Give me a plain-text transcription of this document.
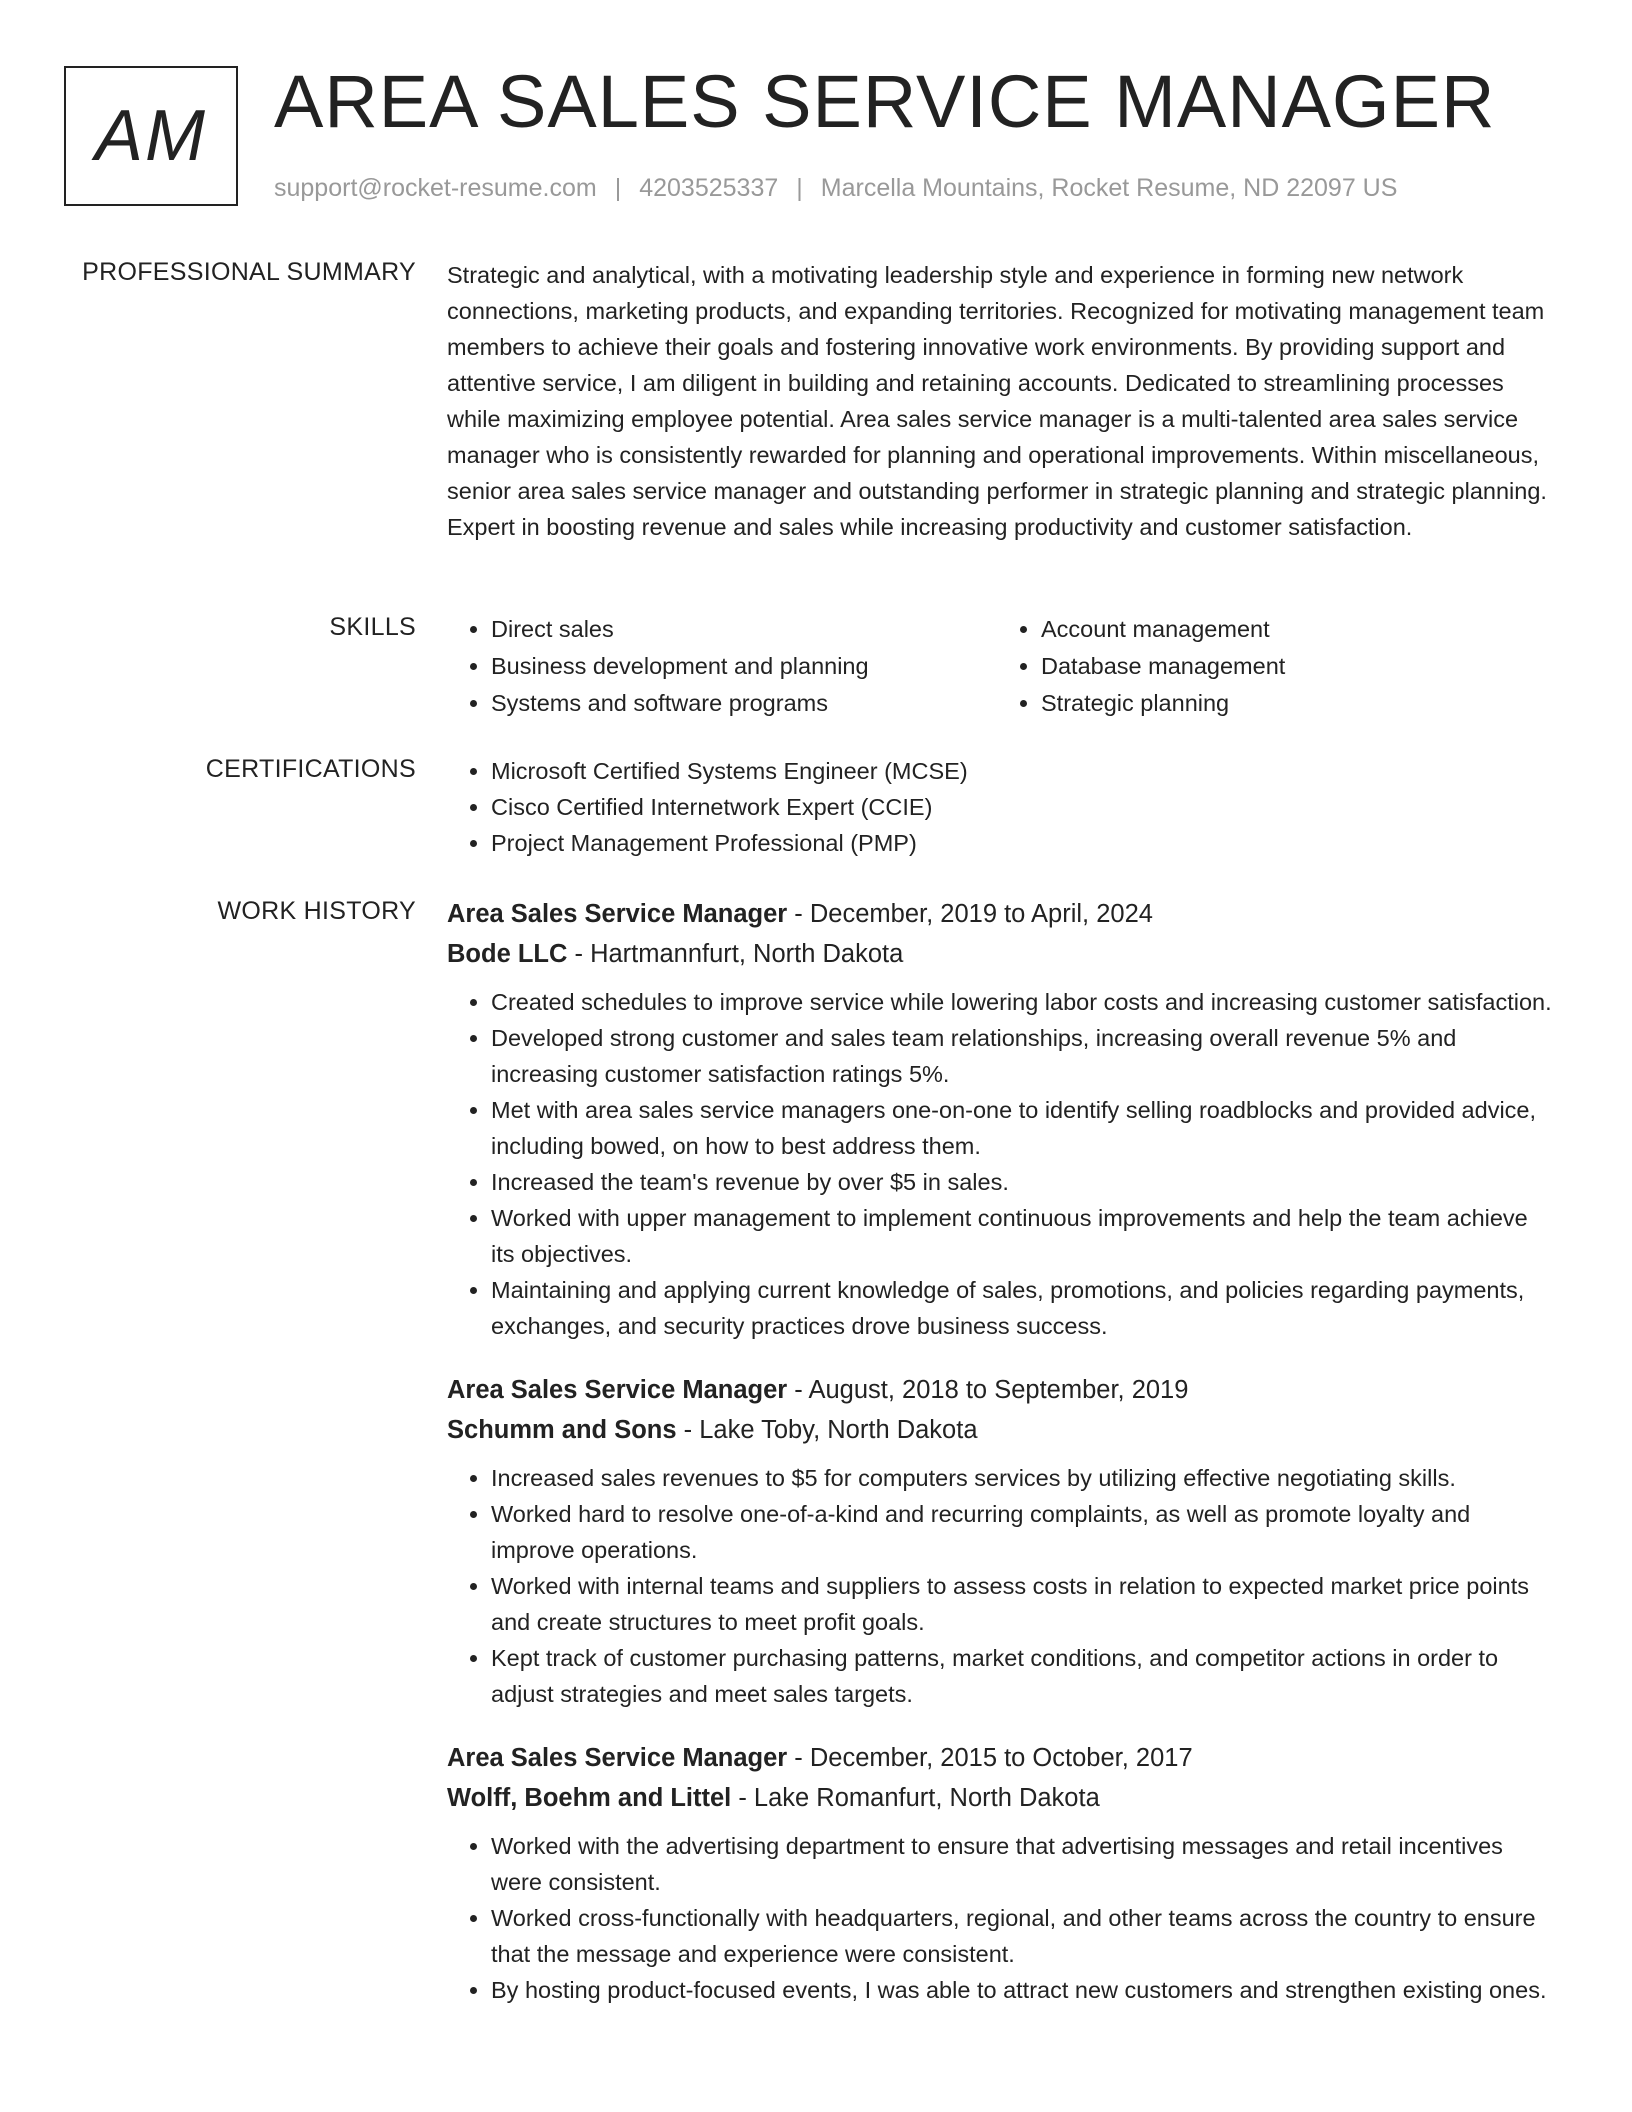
AM AREA SALES SERVICE MANAGER
support@rocket-resume.com | 4203525337 | Marcella Mountains, Rocket Resume, ND 22097 US
PROFESSIONAL SUMMARY Strategic and analytical, with a motivating leadership style and experience in forming new network connections, marketing products, and expanding territories. Recognized for motivating management team members to achieve their goals and fostering innovative work environments. By providing support and attentive service, I am diligent in building and retaining accounts. Dedicated to streamlining processes while maximizing employee potential. Area sales service manager is a multi-talented area sales service manager who is consistently rewarded for planning and operational improvements. Within miscellaneous, senior area sales service manager and outstanding performer in strategic planning and strategic planning. Expert in boosting revenue and sales while increasing productivity and customer satisfaction.

SKILLS	• Direct sales
• Business development and planning
• Systems and software programs
• Account management
• Database management
• Strategic planning
CERTIFICATIONS	• Microsoft Certified Systems Engineer (MCSE)
• Cisco Certified Internetwork Expert (CCIE)
• Project Management Professional (PMP)
WORK HISTORY Area Sales Service Manager - December, 2019 to April, 2024
Bode LLC - Hartmannfurt, North Dakota
• Created schedules to improve service while lowering labor costs and increasing customer satisfaction.
• Developed strong customer and sales team relationships, increasing overall revenue 5% and increasing customer satisfaction ratings 5%.
• Met with area sales service managers one-on-one to identify selling roadblocks and provided advice, including bowed, on how to best address them.
• Increased the team's revenue by over $5 in sales.
• Worked with upper management to implement continuous improvements and help the team achieve its objectives.
• Maintaining and applying current knowledge of sales, promotions, and policies regarding payments, exchanges, and security practices drove business success.
Area Sales Service Manager - August, 2018 to September, 2019
Schumm and Sons - Lake Toby, North Dakota
• Increased sales revenues to $5 for computers services by utilizing effective negotiating skills.
• Worked hard to resolve one-of-a-kind and recurring complaints, as well as promote loyalty and improve operations.
• Worked with internal teams and suppliers to assess costs in relation to expected market price points and create structures to meet profit goals.
• Kept track of customer purchasing patterns, market conditions, and competitor actions in order to adjust strategies and meet sales targets.
Area Sales Service Manager - December, 2015 to October, 2017
Wolff, Boehm and Littel - Lake Romanfurt, North Dakota
• Worked with the advertising department to ensure that advertising messages and retail incentives were consistent.
• Worked cross-functionally with headquarters, regional, and other teams across the country to ensure that the message and experience were consistent.
• By hosting product-focused events, I was able to attract new customers and strengthen existing ones.
